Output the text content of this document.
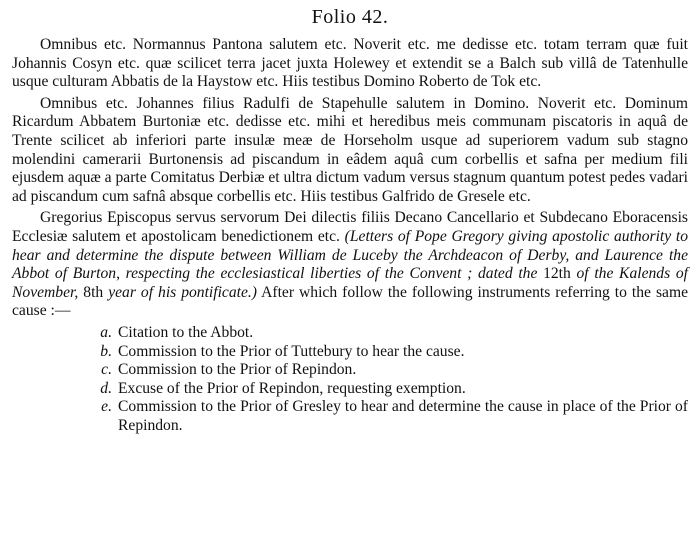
Folio 42.

Omnibus etc. Normannus Pantona salutem etc. Noverit etc. me dedisse etc. totam terram quæ fuit Johannis Cosyn etc. quæ scilicet terra jacet juxta Holewey et extendit se a Balch sub villâ de Tatenhulle usque culturam Abbatis de la Haystow etc. Hiis testibus Domino Roberto de Tok etc.

Omnibus etc. Johannes filius Radulfi de Stapehulle salutem in Domino. Noverit etc. Dominum Ricardum Abbatem Burtoniæ etc. dedisse etc. mihi et heredibus meis communam piscatoris in aquâ de Trente scilicet ab inferiori parte insulæ meæ de Horseholm usque ad superiorem vadum sub stagno molendini camerarii Burtonensis ad piscandum in eâdem aquâ cum corbellis et safna per medium fili ejusdem aquæ a parte Comitatus Derbiæ et ultra dictum vadum versus stagnum quantum potest pedes vadari ad piscandum cum safnâ absque corbellis etc. Hiis testibus Galfrido de Gresele etc.

Gregorius Episcopus servus servorum Dei dilectis filiis Decano Cancellario et Subdecano Eboracensis Ecclesiæ salutem et apostolicam benedictionem etc. (Letters of Pope Gregory giving apostolic authority to hear and determine the dispute between William de Luceby the Archdeacon of Derby, and Laurence the Abbot of Burton, respecting the ecclesiastical liberties of the Convent ; dated the 12th of the Kalends of November, 8th year of his pontificate.) After which follow the following instruments referring to the same cause :—

a. Citation to the Abbot.
b. Commission to the Prior of Tuttebury to hear the cause.
c. Commission to the Prior of Repindon.
d. Excuse of the Prior of Repindon, requesting exemption.
e. Commission to the Prior of Gresley to hear and determine the cause in place of the Prior of Repindon.
